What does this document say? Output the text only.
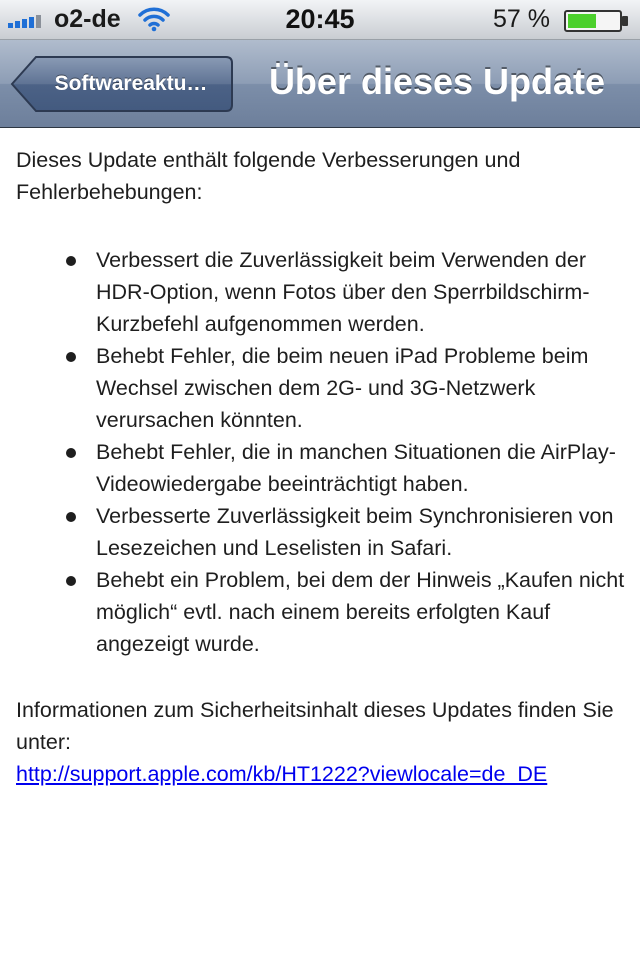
o2-de	20:45	57 %
Softwareaktu…	Über dieses Update

Dieses Update enthält folgende Verbesserungen und Fehlerbehebungen:

Verbessert die Zuverlässigkeit beim Verwenden der HDR-Option, wenn Fotos über den Sperrbildschirm-Kurzbefehl aufgenommen werden.
Behebt Fehler, die beim neuen iPad Probleme beim Wechsel zwischen dem 2G- und 3G-Netzwerk verursachen könnten.
Behebt Fehler, die in manchen Situationen die AirPlay-Videowiedergabe beeinträchtigt haben.
Verbesserte Zuverlässigkeit beim Synchronisieren von Lesezeichen und Leselisten in Safari.
Behebt ein Problem, bei dem der Hinweis „Kaufen nicht möglich“ evtl. nach einem bereits erfolgten Kauf angezeigt wurde.

Informationen zum Sicherheitsinhalt dieses Updates finden Sie unter:
http://support.apple.com/kb/HT1222?viewlocale=de_DE
